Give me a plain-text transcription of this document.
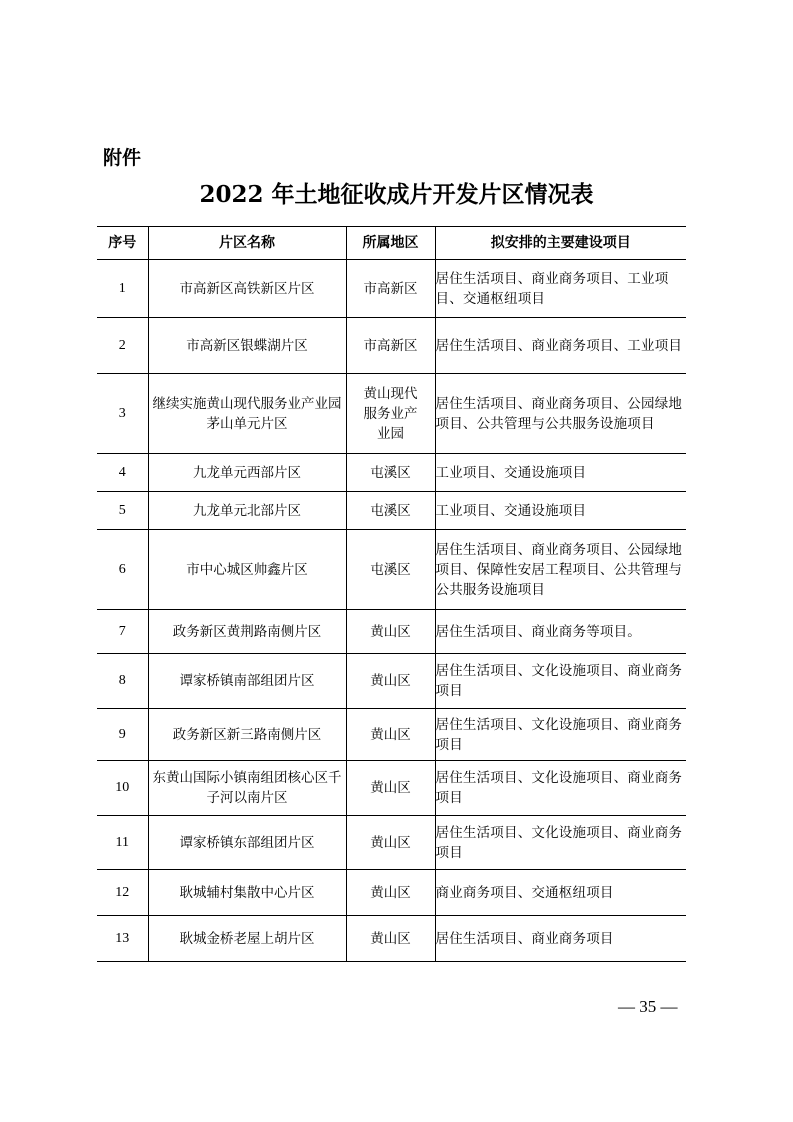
附件
2022 年土地征收成片开发片区情况表
序号	片区名称	所属地区	拟安排的主要建设项目
1	市高新区高铁新区片区	市高新区	居住生活项目、商业商务项目、工业项目、交通枢纽项目
2	市高新区银蝶湖片区	市高新区	居住生活项目、商业商务项目、工业项目
3	继续实施黄山现代服务业产业园茅山单元片区	黄山现代服务业产业园	居住生活项目、商业商务项目、公园绿地项目、公共管理与公共服务设施项目
4	九龙单元西部片区	屯溪区	工业项目、交通设施项目
5	九龙单元北部片区	屯溪区	工业项目、交通设施项目
6	市中心城区帅鑫片区	屯溪区	居住生活项目、商业商务项目、公园绿地项目、保障性安居工程项目、公共管理与公共服务设施项目
7	政务新区黄荆路南侧片区	黄山区	居住生活项目、商业商务等项目。
8	谭家桥镇南部组团片区	黄山区	居住生活项目、文化设施项目、商业商务项目
9	政务新区新三路南侧片区	黄山区	居住生活项目、文化设施项目、商业商务项目
10	东黄山国际小镇南组团核心区千子河以南片区	黄山区	居住生活项目、文化设施项目、商业商务项目
11	谭家桥镇东部组团片区	黄山区	居住生活项目、文化设施项目、商业商务项目
12	耿城辅村集散中心片区	黄山区	商业商务项目、交通枢纽项目
13	耿城金桥老屋上胡片区	黄山区	居住生活项目、商业商务项目
— 35 —
